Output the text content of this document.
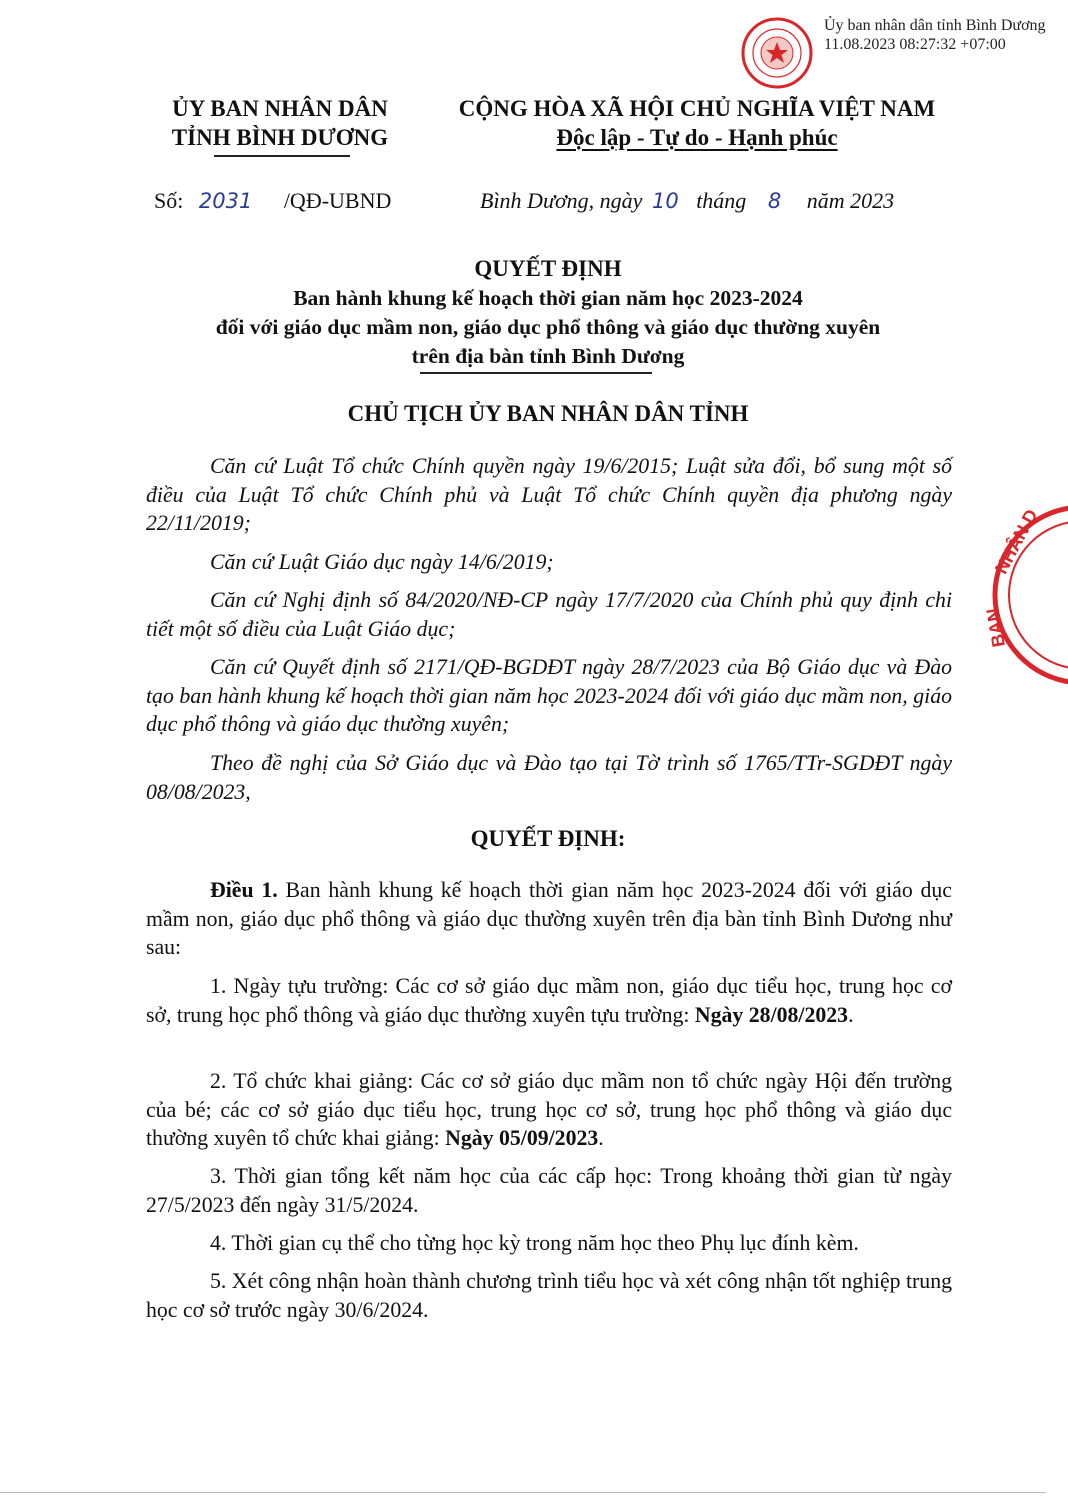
Ủy ban nhân dân tỉnh Bình Dương
11.08.2023 08:27:32 +07:00
NHÂN D
BAN
ỦY BAN NHÂN DÂN
TỈNH BÌNH DƯƠNG
CỘNG HÒA XÃ HỘI CHỦ NGHĨA VIỆT NAM
Độc lập - Tự do - Hạnh phúc
Số: 2031 /QĐ-UBND	Bình Dương, ngày 10 tháng 8 năm 2023
QUYẾT ĐỊNH
Ban hành khung kế hoạch thời gian năm học 2023-2024
đối với giáo dục mầm non, giáo dục phổ thông và giáo dục thường xuyên
trên địa bàn tỉnh Bình Dương
CHỦ TỊCH ỦY BAN NHÂN DÂN TỈNH
Căn cứ Luật Tổ chức Chính quyền ngày 19/6/2015; Luật sửa đổi, bổ sung một số điều của Luật Tổ chức Chính phủ và Luật Tổ chức Chính quyền địa phương ngày 22/11/2019;
Căn cứ Luật Giáo dục ngày 14/6/2019;
Căn cứ Nghị định số 84/2020/NĐ-CP ngày 17/7/2020 của Chính phủ quy định chi tiết một số điều của Luật Giáo dục;
Căn cứ Quyết định số 2171/QĐ-BGDĐT ngày 28/7/2023 của Bộ Giáo dục và Đào tạo ban hành khung kế hoạch thời gian năm học 2023-2024 đối với giáo dục mầm non, giáo dục phổ thông và giáo dục thường xuyên;
Theo đề nghị của Sở Giáo dục và Đào tạo tại Tờ trình số 1765/TTr-SGDĐT ngày 08/08/2023,
QUYẾT ĐỊNH:
Điều 1. Ban hành khung kế hoạch thời gian năm học 2023-2024 đối với giáo dục mầm non, giáo dục phổ thông và giáo dục thường xuyên trên địa bàn tỉnh Bình Dương như sau:
1. Ngày tựu trường: Các cơ sở giáo dục mầm non, giáo dục tiểu học, trung học cơ sở, trung học phổ thông và giáo dục thường xuyên tựu trường: Ngày 28/08/2023.
2. Tổ chức khai giảng: Các cơ sở giáo dục mầm non tổ chức ngày Hội đến trường của bé; các cơ sở giáo dục tiểu học, trung học cơ sở, trung học phổ thông và giáo dục thường xuyên tổ chức khai giảng: Ngày 05/09/2023.
3. Thời gian tổng kết năm học của các cấp học: Trong khoảng thời gian từ ngày 27/5/2023 đến ngày 31/5/2024.
4. Thời gian cụ thể cho từng học kỳ trong năm học theo Phụ lục đính kèm.
5. Xét công nhận hoàn thành chương trình tiểu học và xét công nhận tốt nghiệp trung học cơ sở trước ngày 30/6/2024.
